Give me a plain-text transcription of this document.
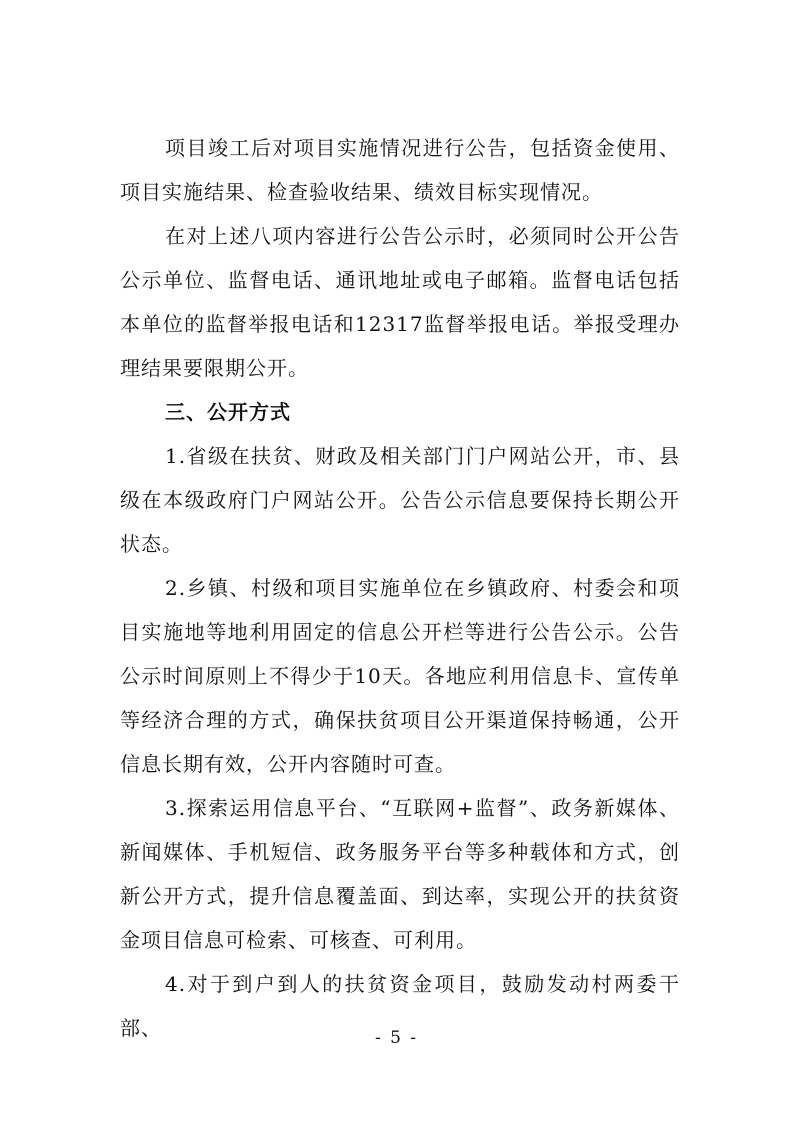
项目竣工后对项目实施情况进行公告，包括资金使用、项目实施结果、检查验收结果、绩效目标实现情况。

在对上述八项内容进行公告公示时，必须同时公开公告公示单位、监督电话、通讯地址或电子邮箱。监督电话包括本单位的监督举报电话和12317监督举报电话。举报受理办理结果要限期公开。

三、公开方式

1.省级在扶贫、财政及相关部门门户网站公开，市、县级在本级政府门户网站公开。公告公示信息要保持长期公开状态。

2.乡镇、村级和项目实施单位在乡镇政府、村委会和项目实施地等地利用固定的信息公开栏等进行公告公示。公告公示时间原则上不得少于10天。各地应利用信息卡、宣传单等经济合理的方式，确保扶贫项目公开渠道保持畅通，公开信息长期有效，公开内容随时可查。

3.探索运用信息平台、“互联网+监督”、政务新媒体、新闻媒体、手机短信、政务服务平台等多种载体和方式，创新公开方式，提升信息覆盖面、到达率，实现公开的扶贫资金项目信息可检索、可核查、可利用。

4.对于到户到人的扶贫资金项目，鼓励发动村两委干部、	- 5 -
